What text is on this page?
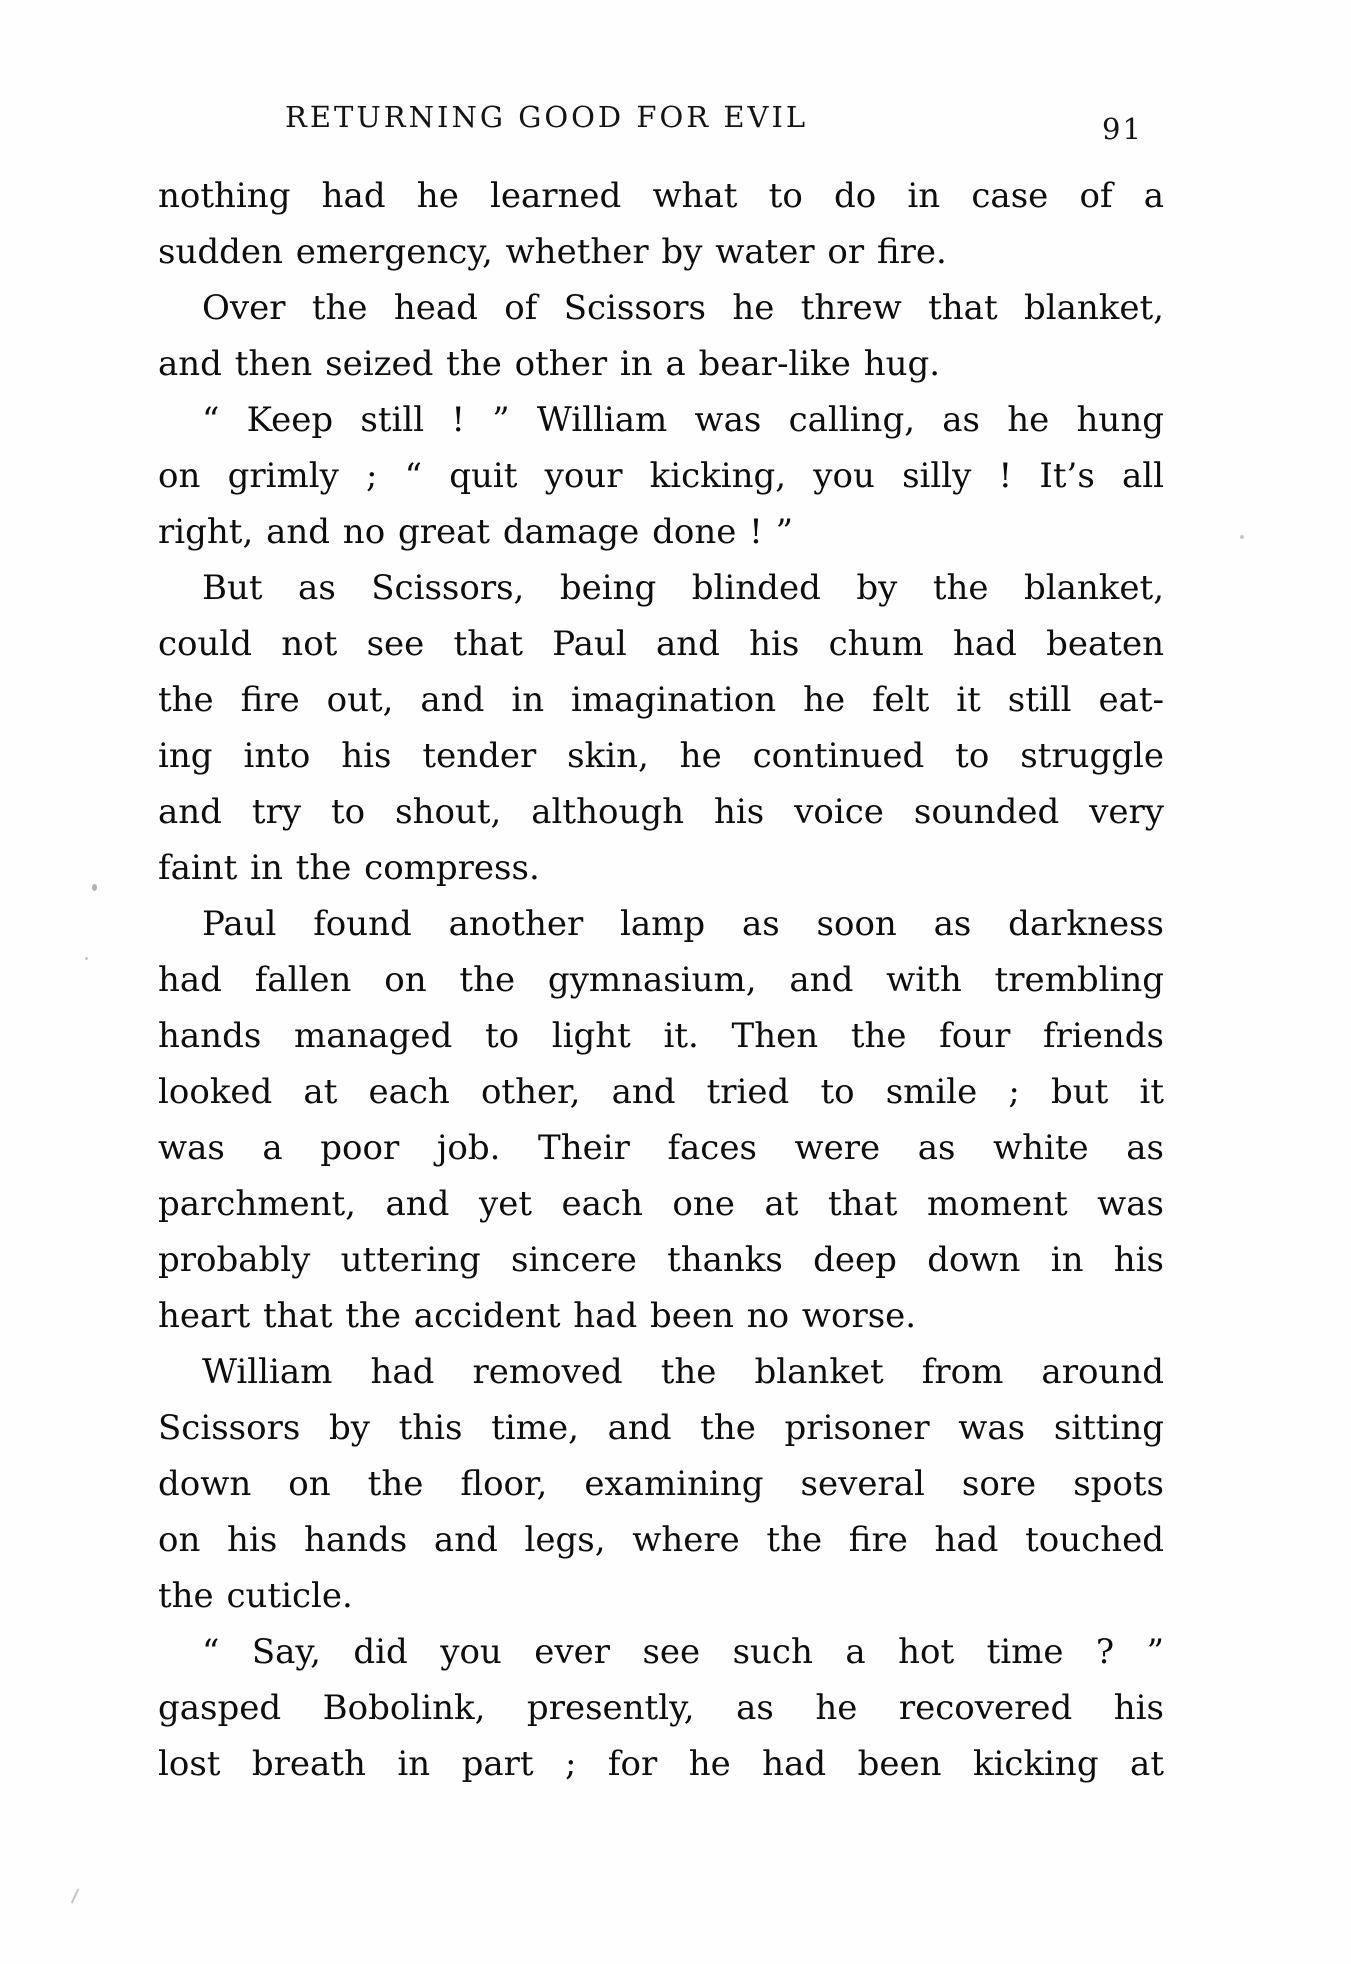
RETURNING GOOD FOR EVIL	91
nothing had he learned what to do in case of a
sudden emergency, whether by water or fire.
Over the head of Scissors he threw that blanket,
and then seized the other in a bear-like hug.
“ Keep still ! ” William was calling, as he hung
on grimly ; “ quit your kicking, you silly ! It’s all
right, and no great damage done ! ”
But as Scissors, being blinded by the blanket,
could not see that Paul and his chum had beaten
the fire out, and in imagination he felt it still eat-
ing into his tender skin, he continued to struggle
and try to shout, although his voice sounded very
faint in the compress.
Paul found another lamp as soon as darkness
had fallen on the gymnasium, and with trembling
hands managed to light it. Then the four friends
looked at each other, and tried to smile ; but it
was a poor job. Their faces were as white as
parchment, and yet each one at that moment was
probably uttering sincere thanks deep down in his
heart that the accident had been no worse.
William had removed the blanket from around
Scissors by this time, and the prisoner was sitting
down on the floor, examining several sore spots
on his hands and legs, where the fire had touched
the cuticle.
“ Say, did you ever see such a hot time ? ”
gasped Bobolink, presently, as he recovered his
lost breath in part ; for he had been kicking at
